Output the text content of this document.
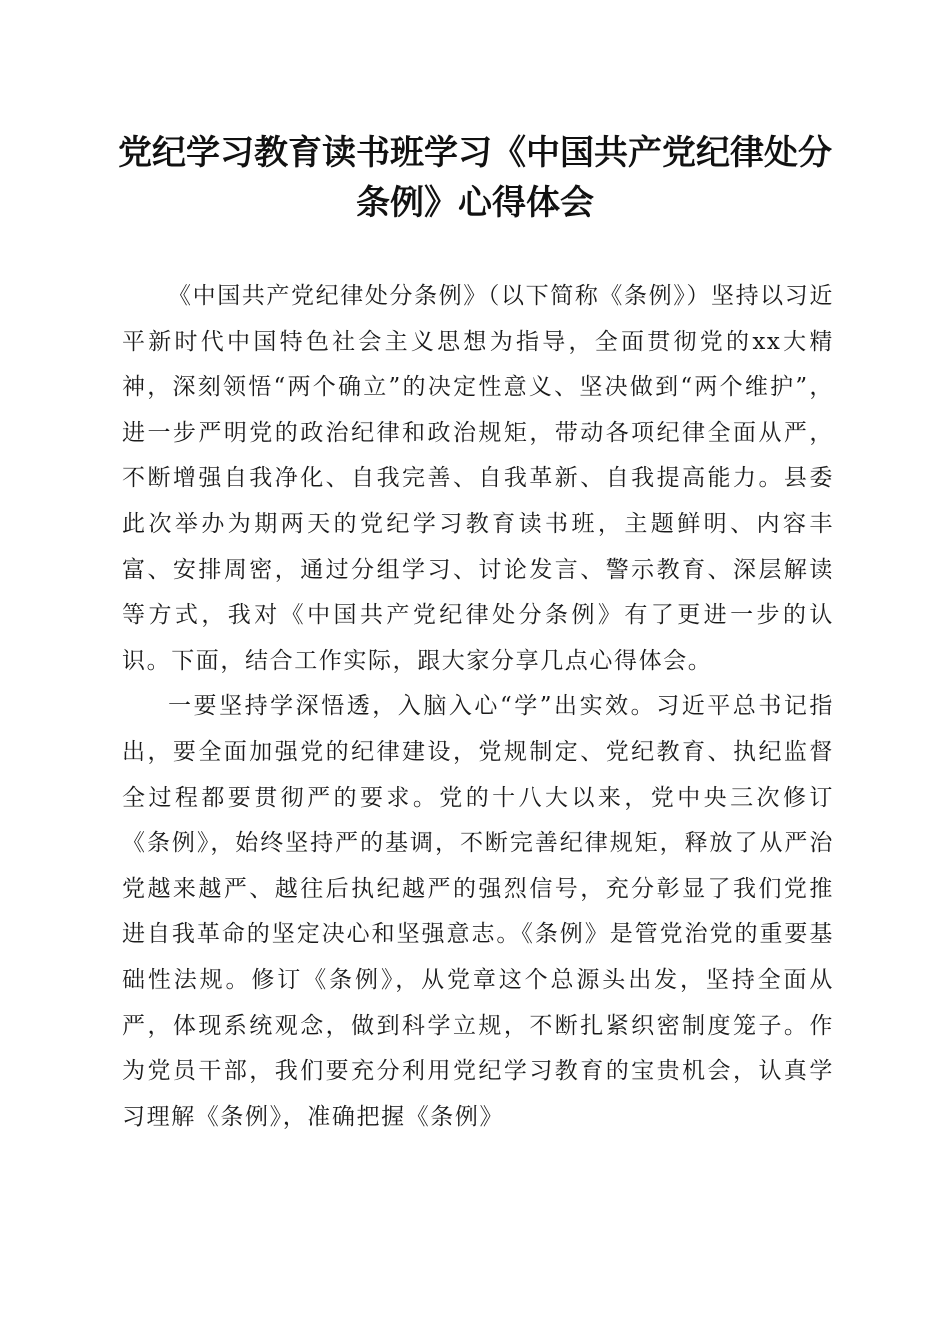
党纪学习教育读书班学习《中国共产党纪律处分条例》心得体会

《中国共产党纪律处分条例》（以下简称《条例》）坚持以习近平新时代中国特色社会主义思想为指导，全面贯彻党的xx大精神，深刻领悟“两个确立”的决定性意义、坚决做到“两个维护”，进一步严明党的政治纪律和政治规矩，带动各项纪律全面从严，不断增强自我净化、自我完善、自我革新、自我提高能力。县委此次举办为期两天的党纪学习教育读书班，主题鲜明、内容丰富、安排周密，通过分组学习、讨论发言、警示教育、深层解读等方式，我对《中国共产党纪律处分条例》有了更进一步的认识。下面，结合工作实际，跟大家分享几点心得体会。

一要坚持学深悟透，入脑入心“学”出实效。习近平总书记指出，要全面加强党的纪律建设，党规制定、党纪教育、执纪监督全过程都要贯彻严的要求。党的十八大以来，党中央三次修订《条例》，始终坚持严的基调，不断完善纪律规矩，释放了从严治党越来越严、越往后执纪越严的强烈信号，充分彰显了我们党推进自我革命的坚定决心和坚强意志。《条例》是管党治党的重要基础性法规。修订《条例》，从党章这个总源头出发，坚持全面从严，体现系统观念，做到科学立规，不断扎紧织密制度笼子。作为党员干部，我们要充分利用党纪学习教育的宝贵机会，认真学习理解《条例》，准确把握《条例》
